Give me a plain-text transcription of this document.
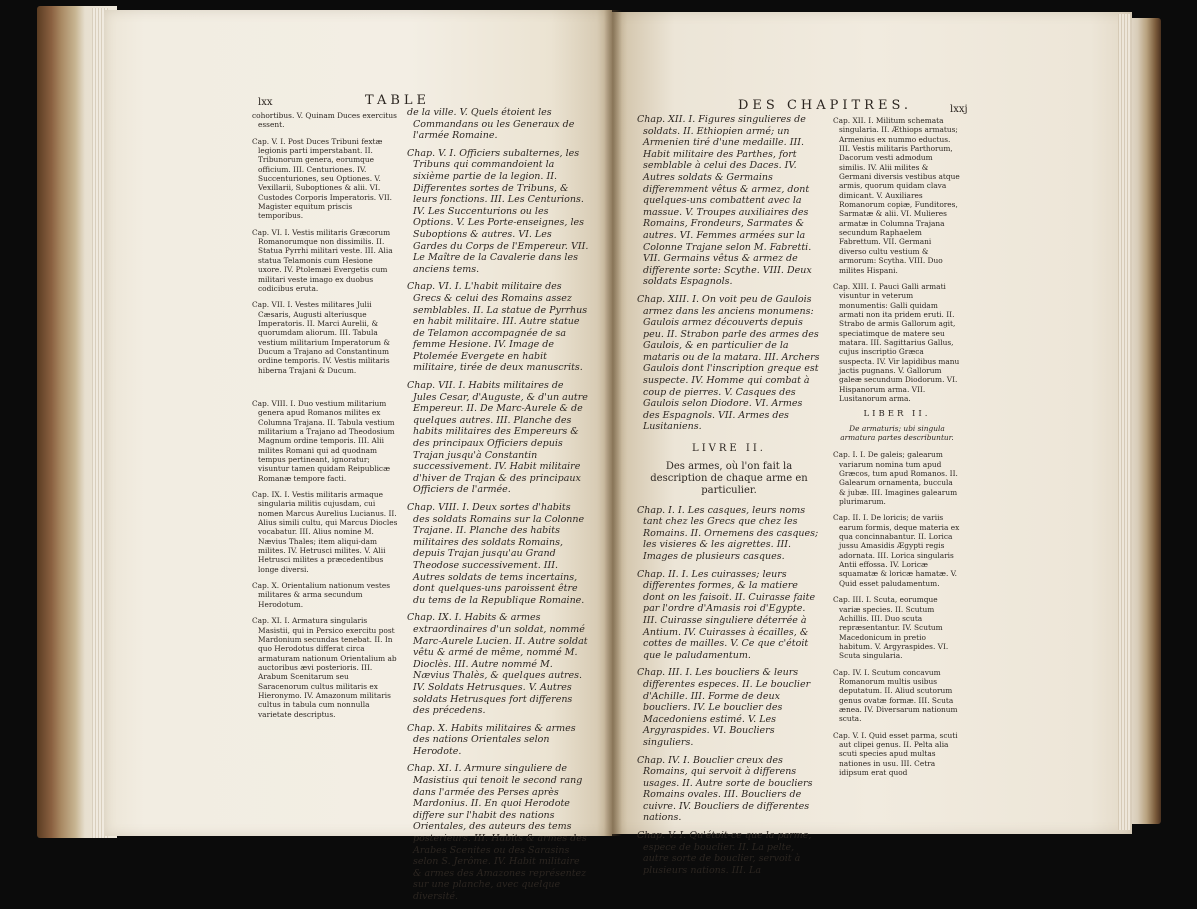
lxx	TABLE

cohortibus. V. Quinam Duces exercitus essent.

Cap. V. I. Post Duces Tribuni fextæ legionis parti imperstabant. II. Tribunorum genera, eorumque officium. III. Centuriones. IV. Succenturiones, seu Optiones. V. Vexillarii, Suboptiones & alii. VI. Custodes Corporis Imperatoris. VII. Magister equitum priscis temporibus.

Cap. VI. I. Vestis militaris Græcorum Romanorumque non dissimilis. II. Statua Pyrrhi militari veste. III. Alia statua Telamonis cum Hesione uxore. IV. Ptolemæi Evergetis cum militari veste imago ex duobus codicibus eruta.

Cap. VII. I. Vestes militares Julii Cæsaris, Augusti alteriusque Imperatoris. II. Marci Aurelii, & quorumdam aliorum. III. Tabula vestium militarium Imperatorum & Ducum a Trajano ad Constantinum ordine temporis. IV. Vestis militaris hiberna Trajani & Ducum.

Cap. VIII. I. Duo vestium militarium genera apud Romanos milites ex Columna Trajana. II. Tabula vestium militarium a Trajano ad Theodosium Magnum ordine temporis. III. Alii milites Romani qui ad quodnam tempus pertineant, ignoratur; visuntur tamen quidam Reipublicæ Romanæ tempore facti.

Cap. IX. I. Vestis militaris armaque singularia militis cujusdam, cui nomen Marcus Aurelius Lucianus. II. Alius simili cultu, qui Marcus Diocles vocabatur. III. Alius nomine M. Nævius Thales; item aliqui-dam milites. IV. Hetrusci milites. V. Alii Hetrusci milites a præcedentibus longe diversi.

Cap. X. Orientalium nationum vestes militares & arma secundum Herodotum.

Cap. XI. I. Armatura singularis Masistii, qui in Persico exercitu post Mardonium secundas tenebat. II. In quo Herodotus differat circa armaturam nationum Orientalium ab auctoribus ævi posterioris. III. Arabum Scenitarum seu Saracenorum cultus militaris ex Hieronymo. IV. Amazonum militaris cultus in tabula cum nonnulla varietate descriptus.

de la ville. V. Quels étoient les Commandans ou les Generaux de l'armée Romaine.

Chap. V. I. Officiers subalternes, les Tribuns qui commandoient la sixième partie de la legion. II. Differentes sortes de Tribuns, & leurs fonctions. III. Les Centurions. IV. Les Succenturions ou les Options. V. Les Porte-enseignes, les Suboptions & autres. VI. Les Gardes du Corps de l'Empereur. VII. Le Maître de la Cavalerie dans les anciens tems.

Chap. VI. I. L'habit militaire des Grecs & celui des Romains assez semblables. II. La statue de Pyrrhus en habit militaire. III. Autre statue de Telamon accompagnée de sa femme Hesione. IV. Image de Ptolemée Evergete en habit militaire, tirée de deux manuscrits.

Chap. VII. I. Habits militaires de Jules Cesar, d'Auguste, & d'un autre Empereur. II. De Marc-Aurele & de quelques autres. III. Planche des habits militaires des Empereurs & des principaux Officiers depuis Trajan jusqu'à Constantin successivement. IV. Habit militaire d'hiver de Trajan & des principaux Officiers de l'armée.

Chap. VIII. I. Deux sortes d'habits des soldats Romains sur la Colonne Trajane. II. Planche des habits militaires des soldats Romains, depuis Trajan jusqu'au Grand Theodose successivement. III. Autres soldats de tems incertains, dont quelques-uns paroissent être du tems de la Republique Romaine.

Chap. IX. I. Habits & armes extraordinaires d'un soldat, nommé Marc-Aurele Lucien. II. Autre soldat vêtu & armé de même, nommé M. Dioclès. III. Autre nommé M. Nævius Thalès, & quelques autres. IV. Soldats Hetrusques. V. Autres soldats Hetrusques fort differens des précedens.

Chap. X. Habits militaires & armes des nations Orientales selon Herodote.

Chap. XI. I. Armure singuliere de Masistius qui tenoit le second rang dans l'armée des Perses après Mardonius. II. En quoi Herodote differe sur l'habit des nations Orientales, des auteurs des tems posterieurs. III. Habits & armes des Arabes Scenites ou des Sarasins selon S. Jerôme. IV. Habit militaire & armes des Amazones représentez sur une planche, avec quelque diversité.

DES CHAPITRES.	lxxj

Chap. XII. I. Figures singulieres de soldats. II. Ethiopien armé; un Armenien tiré d'une medaille. III. Habit militaire des Parthes, fort semblable à celui des Daces. IV. Autres soldats & Germains differemment vêtus & armez, dont quelques-uns combattent avec la massue. V. Troupes auxiliaires des Romains, Frondeurs, Sarmates & autres. VI. Femmes armées sur la Colonne Trajane selon M. Fabretti. VII. Germains vêtus & armez de differente sorte: Scythe. VIII. Deux soldats Espagnols.

Chap. XIII. I. On voit peu de Gaulois armez dans les anciens monumens: Gaulois armez découverts depuis peu. II. Strabon parle des armes des Gaulois, & en particulier de la mataris ou de la matara. III. Archers Gaulois dont l'inscription greque est suspecte. IV. Homme qui combat à coup de pierres. V. Casques des Gaulois selon Diodore. VI. Armes des Espagnols. VII. Armes des Lusitaniens.

LIVRE II.

Des armes, où l'on fait la description de chaque arme en particulier.

Chap. I. I. Les casques, leurs noms tant chez les Grecs que chez les Romains. II. Ornemens des casques; les visieres & les aigrettes. III. Images de plusieurs casques.

Chap. II. I. Les cuirasses; leurs differentes formes, & la matiere dont on les faisoit. II. Cuirasse faite par l'ordre d'Amasis roi d'Egypte. III. Cuirasse singuliere déterrée à Antium. IV. Cuirasses à écailles, & cottes de mailles. V. Ce que c'étoit que le paludamentum.

Chap. III. I. Les boucliers & leurs differentes especes. II. Le bouclier d'Achille. III. Forme de deux boucliers. IV. Le bouclier des Macedoniens estimé. V. Les Argyraspides. VI. Boucliers singuliers.

Chap. IV. I. Bouclier creux des Romains, qui servoit à differens usages. II. Autre sorte de boucliers Romains ovales. III. Boucliers de cuivre. IV. Boucliers de differentes nations.

Chap. V. I. Qu'étoit-ce que la parme, espece de bouclier. II. La pelte, autre sorte de bouclier, servoit à plusieurs nations. III. La

Cap. XII. I. Militum schemata singularia. II. Æthiops armatus; Armenius ex nummo eductus. III. Vestis militaris Parthorum, Dacorum vesti admodum similis. IV. Alii milites & Germani diversis vestibus atque armis, quorum quidam clava dimicant. V. Auxiliares Romanorum copiæ, Funditores, Sarmatæ & alii. VI. Mulieres armatæ in Columna Trajana secundum Raphaelem Fabrettum. VII. Germani diverso cultu vestium & armorum: Scytha. VIII. Duo milites Hispani.

Cap. XIII. I. Pauci Galli armati visuntur in veterum monumentis: Galli quidam armati non ita pridem eruti. II. Strabo de armis Gallorum agit, speciatimque de matere seu matara. III. Sagittarius Gallus, cujus inscriptio Græca suspecta. IV. Vir lapidibus manu jactis pugnans. V. Gallorum galeæ secundum Diodorum. VI. Hispanorum arma. VII. Lusitanorum arma.

LIBER II.

De armaturis; ubi singula armatura partes describuntur.

Cap. I. I. De galeis; galearum variarum nomina tum apud Græcos, tum apud Romanos. II. Galearum ornamenta, buccula & jubæ. III. Imagines galearum plurimarum.

Cap. II. I. De loricis; de variis earum formis, deque materia ex qua concinnabantur. II. Lorica jussu Amasidis Ægypti regis adornata. III. Lorica singularis Antii effossa. IV. Loricæ squamatæ & loricæ hamatæ. V. Quid esset paludamentum.

Cap. III. I. Scuta, eorumque variæ species. II. Scutum Achillis. III. Duo scuta repræsentantur. IV. Scutum Macedonicum in pretio habitum. V. Argyraspides. VI. Scuta singularia.

Cap. IV. I. Scutum concavum Romanorum multis usibus deputatum. II. Aliud scutorum genus ovatæ formæ. III. Scuta ænea. IV. Diversarum nationum scuta.

Cap. V. I. Quid esset parma, scuti aut clipei genus. II. Pelta alia scuti species apud multas nationes in usu. III. Cetra idipsum erat quod
